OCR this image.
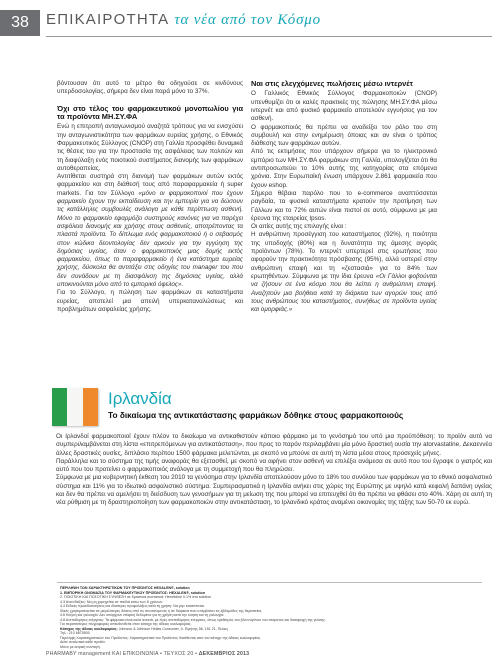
38	ΕΠΙΚΑΙΡΟΤΗΤΑ τα νέα από τον Κόσμο

βόντουσαν ότι αυτό το μέτρο θα οδηγούσε σε κινδύνους υπερδοσολογίας, σήμερα δεν είναι παρά μόνο το 37%.

Όχι στο τέλος του φαρμακευτικού μονοπωλίου για τα προϊόντα ΜΗ.ΣΥ.ΦΑ

Ενώ η επιτροπή ανταγωνισμού αναζητά τρόπους για να ενισχύσει την ανταγωνιστικότητα των φαρμάκων ευρείας χρήσης, ο Εθνικός Φαρμακευτικός Σύλλογος (CNOP) στη Γαλλία προσφέθει δυναμικά τις θέσεις του για την προστασία της ασφάλειας των πολιτών και τη διαφύλαξη ενός ποιοτικού συστήματος διανομής των φαρμάκων αυτοθεραπείας.

Αντιτίθεται συστηρά στη διανομή των φαρμάκων αυτών εκτός φαρμακείου και στη διάθεσή τους από παραφαρμακεία ή super markets. Για τον Σύλλογο «μόνο οι φαρμακοποιοί που έχουν φαρμακείο έχουν την εκπαίδευση και την εμπειρία για να δώσουν τις κατάλληλες συμβουλές ανάλογα με κάθε περίπτωση ασθενή. Μόνο το φαρμακείο εφαρμόζει συστηρούς κανόνες για να παρέχει ασφάλεια διανομής και χρήσης στους ασθενείς, αποτρέποντας τα πλαστά προϊόντα. Το δίπλωμα ενός φαρμακοποιού ή ο σεβασμός στον κώδικα δεοντολογίας δεν αρκούν για την εγγύηση της δημόσιας υγείας, όταν ο φαρμακοποιός μιας δομής εκτός φαρμακείου, όπως το παραφαρμακείο ή ένα κατάστημα ευρείας χρήσης, δύσκολα θα αντιτάξει στις οδηγίες του manager του που δεν συνάδουν με τη διασφάλιση της δημόσιας υγείας, αλλά υποκινούνται μόνο από το εμπορικό όφελος».

Για το Σύλλογο, η πώληση των φαρμάκων σε καταστήματα ευρείας, αποτελεί μια απειλή υπερκαταναλώσεως και προβλημάτων ασφαλείας χρήσης.

Ναι στις ελεγχόμενες πωλήσεις μέσω ιντερνέτ

Ο Γαλλικός Εθνικός Σύλλογος Φαρμακοποιών (CNOP) υπενθυμίζει ότι οι καλές πρακτικές της πώλησης ΜΗ.ΣΥ.ΦΑ μέσω ιντερνέτ και από φυσικό φαρμακείο αποτελούν εγγυήσεις για τον ασθενή.

Ο φαρμακοποιός θα πρέπει να αναδείξει τον ρόλο του στη συμβουλή και στην ενημέρωση όποιας και αν είναι ο τρόπος διάθεσης των φαρμάκων αυτών.

Από τις εκτιμήσεις που υπάρχουν σήμερα για το ηλεκτρονικό εμπόριο των ΜΗ.ΣΥ.ΦΑ φαρμάκων στη Γαλλία, υπολογίζεται ότι θα αντιπροσωπεύει το 10% αυτής της κατηγορίας στα επόμενα χρόνια. Στην Ευρωπαϊκή ένωση υπάρχουν 2.861 φαρμακεία που έχουν eshop.

Σήμερα θέβαια παρόλο που το e-commerce αναπτύσσεται ραγδαία, τα φυσικά καταστήματα κρατούν την προτίμηση των Γάλλων και το 72% αυτών είναι πιστοί σε αυτό, σύμφωνα με μια έρευνα της εταιρείας Ipsos.

Οι αιτίες αυτής της επιλογής είναι :

Η ανθρώπινη προσέγγιση του καταστήματος (92%), η ποιότητα της υποδοχής (80%) και η δυνατότητα της άμεσης αγοράς προϊόντων (78%). Το ιντερνέτ υπερτερεί στις ερωτήσεις που αφορούν την πρακτικότητα πρόσβασης (95%), αλλά υστερεί στην ανθρώπινη επαφή και τη «ζεστασιά» για το 84% των ερωτηθέντων. Σύμφωνα με την ίδια έρευνα «Οι Γάλλοι φοβούνται να ζήσουν σε ένα κόσμο που θα λείπει η ανθρώπινη επαφή. Αναζητούν μια βοήθεια κατά τη διάρκεια των αγορών τους από τους ανθρώπους του καταστήματος, συνήθως σε προϊόντα υγείας και ομορφιάς.»

Ιρλανδία
Το δικαίωμα της αντικατάστασης φαρμάκων δόθηκε στους φαρμακοποιούς

Οι Ιρλανδοί φαρμακοποιοί έχουν πλέον το δικαίωμα να αντικαθιστούν κάποιο φάρμακο με το γενόσημό του υπό μια προϋπόθεση: το προϊόν αυτό να συμπεριλαμβάνεται στη λίστα «επιτρεπόμενων για αντικατάσταση», που προς το παρόν περιλαμβάνει μία μόνο δραστική ουσία την atorvastatine. Δεκαεννέα άλλες δραστικές ουσίες, διπλάσιο περίπου 1500 φάρμακα μελετώνται, με σκοπό να μπούνε σε αυτή τη λίστα μέσα στους προσεχείς μήνες.

Παράλληλα και το σύστημα της τιμής αναφοράς θα εξετασθεί, με σκοπό να αφήνει στον ασθενή να επιλέξει ανάμεσα σε αυτό που του έγραψε ο γιατρός και αυτό που του προτείνει ο φαρμακοποιός ανάλογα με τη συμμετοχή που θα πληρώσει.

Σύμφωνα με μια κυβερνητική έκθεση του 2010 τα γενόσημα στην Ιρλανδία αποτελούσαν μόνο το 18% του συνόλου των φαρμάκων για το εθνικό ασφαλιστικό σύστημα και 11% για το ιδιωτικό ασφαλιστικό σύστημα. Συμπερασματικά η Ιρλανδία ανήκει στις χώρες της Ευρώπης με υψηλό κατά κεφαλή δαπάνη υγείας και δεν θα πρέπει να αμελήσει τη διείσδυση των γενοσήμων για τη μείωση της που μπορεί να επιτευχθεί ότι θα πρέπει να φθάσει στο 40%. Χάρη σε αυτή τη νέα ρύθμιση με τη δραστηριοποίηση των φαρμακοποιών στην αντικατάσταση, το Ιρλανδικό κράτος αναμένει οικονομίες της τάξης των 50-70 εκ ευρώ.

ΠΕΡΙΛΗΨΗ ΤΩΝ ΧΑΡΑΚΤΗΡΙΣΤΙΚΩΝ ΤΟΥ ΠΡΟΪΟΝΤΟΣ HEXALEN®, solution
1. ΕΜΠΟΡΙΚΗ ΟΝΟΜΑΣΙΑ ΤΟΥ ΦΑΡΜΑΚΕΥΤΙΚΟΥ ΠΡΟΪΟΝΤΟΣ: HEXALEN®, solution
2. ΠΟΙΟΤΙΚΗ ΚΑΙ ΠΟΣΟΤΙΚΗ ΣΥΝΘΕΣΗ σε δραστικά συστατικά: Hexetidine 0,1% στο solution
4.3 Αντενδείξεις: Να μη χορηγείται σε παιδιά κάτω των 6 χρόνων.
4.4 Ειδικές προειδοποιήσεις και ιδιαίτερες προφυλάξεις κατά τη χρήση: Να μην καταπίνεται.
Ιδικές χρησιμοποιείται σε μεγαλύτερες δόσεις από τις συνιστώμενες ή σε διάρκεια που υπερβαίνει τις εβδομάδες της θεραπείας.
4.6 Κύηση και γαλουχία: Δεν υπάρχουν επαρκή δεδομένα για τη χρήση κατά την κύηση και τη γαλουχία.
4.8 Ανεπιθύμητες ενέργειες: Τα φάρμακα είναι καλά ανεκτά, με λίγες ανεπιθύμητες ενέργειες, όπως ερεθισμός του βλεννογόνου του στόματος και διαταραχή της γεύσης.
Για περισσότερες πληροφορίες απευθυνθείτε στον κάτοχο της άδειας κυκλοφορίας.
Κάτοχος της άδειας κυκλοφορίας: Johnson & Johnson Hellas Consumer, Λ. Ειρήνης 56, 151 21, Πεύκη
Τηλ.: 210 6875500
Περιλήψη Χαρακτηριστικών του Προϊόντος: Χαρακτηριστικά του Προϊόντος διατίθενται από τον κάτοχο της άδειας κυκλοφορίας.
Δείτε αναλυτικά κάθε προϊόν.
Μόνο με ιατρική συνταγή.
PHARMABY management ΚΑΙ ΕΠΙΚΟΙΝΩΝΙΑ • ΤΕΥΧΟΣ 20 • ΔΕΚΕΜΒΡΙΟΣ 2013
